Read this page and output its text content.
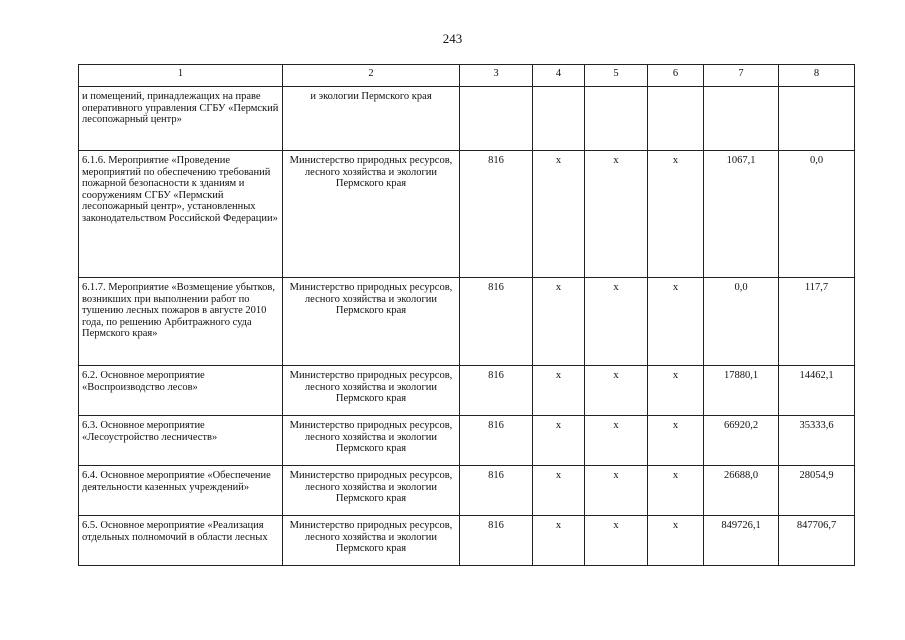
243
1	2	3	4	5	6	7	8
и помещений, принадлежащих на праве оперативного управления СГБУ «Пермский лесопожарный центр»	и экологии Пермского края						
6.1.6. Мероприятие «Проведение мероприятий по обеспечению требований пожарной безопасности к зданиям и сооружениям СГБУ «Пермский лесопожарный центр», установленных законодательством Российской Федерации»	Министерство природных ресурсов, лесного хозяйства и экологии Пермского края	816	x	x	x	1067,1	0,0
6.1.7. Мероприятие «Возмещение убытков, возникших при выполнении работ по тушению лесных пожаров в августе 2010 года, по решению Арбитражного суда Пермского края»	Министерство природных ресурсов, лесного хозяйства и экологии Пермского края	816	x	x	x	0,0	117,7
6.2. Основное мероприятие «Воспроизводство лесов»	Министерство природных ресурсов, лесного хозяйства и экологии Пермского края	816	x	x	x	17880,1	14462,1
6.3. Основное мероприятие «Лесоустройство лесничеств»	Министерство природных ресурсов, лесного хозяйства и экологии Пермского края	816	x	x	x	66920,2	35333,6
6.4. Основное мероприятие «Обеспечение деятельности казенных учреждений»	Министерство природных ресурсов, лесного хозяйства и экологии Пермского края	816	x	x	x	26688,0	28054,9
6.5. Основное мероприятие «Реализация отдельных полномочий в области лесных	Министерство природных ресурсов, лесного хозяйства и экологии Пермского края	816	x	x	x	849726,1	847706,7
